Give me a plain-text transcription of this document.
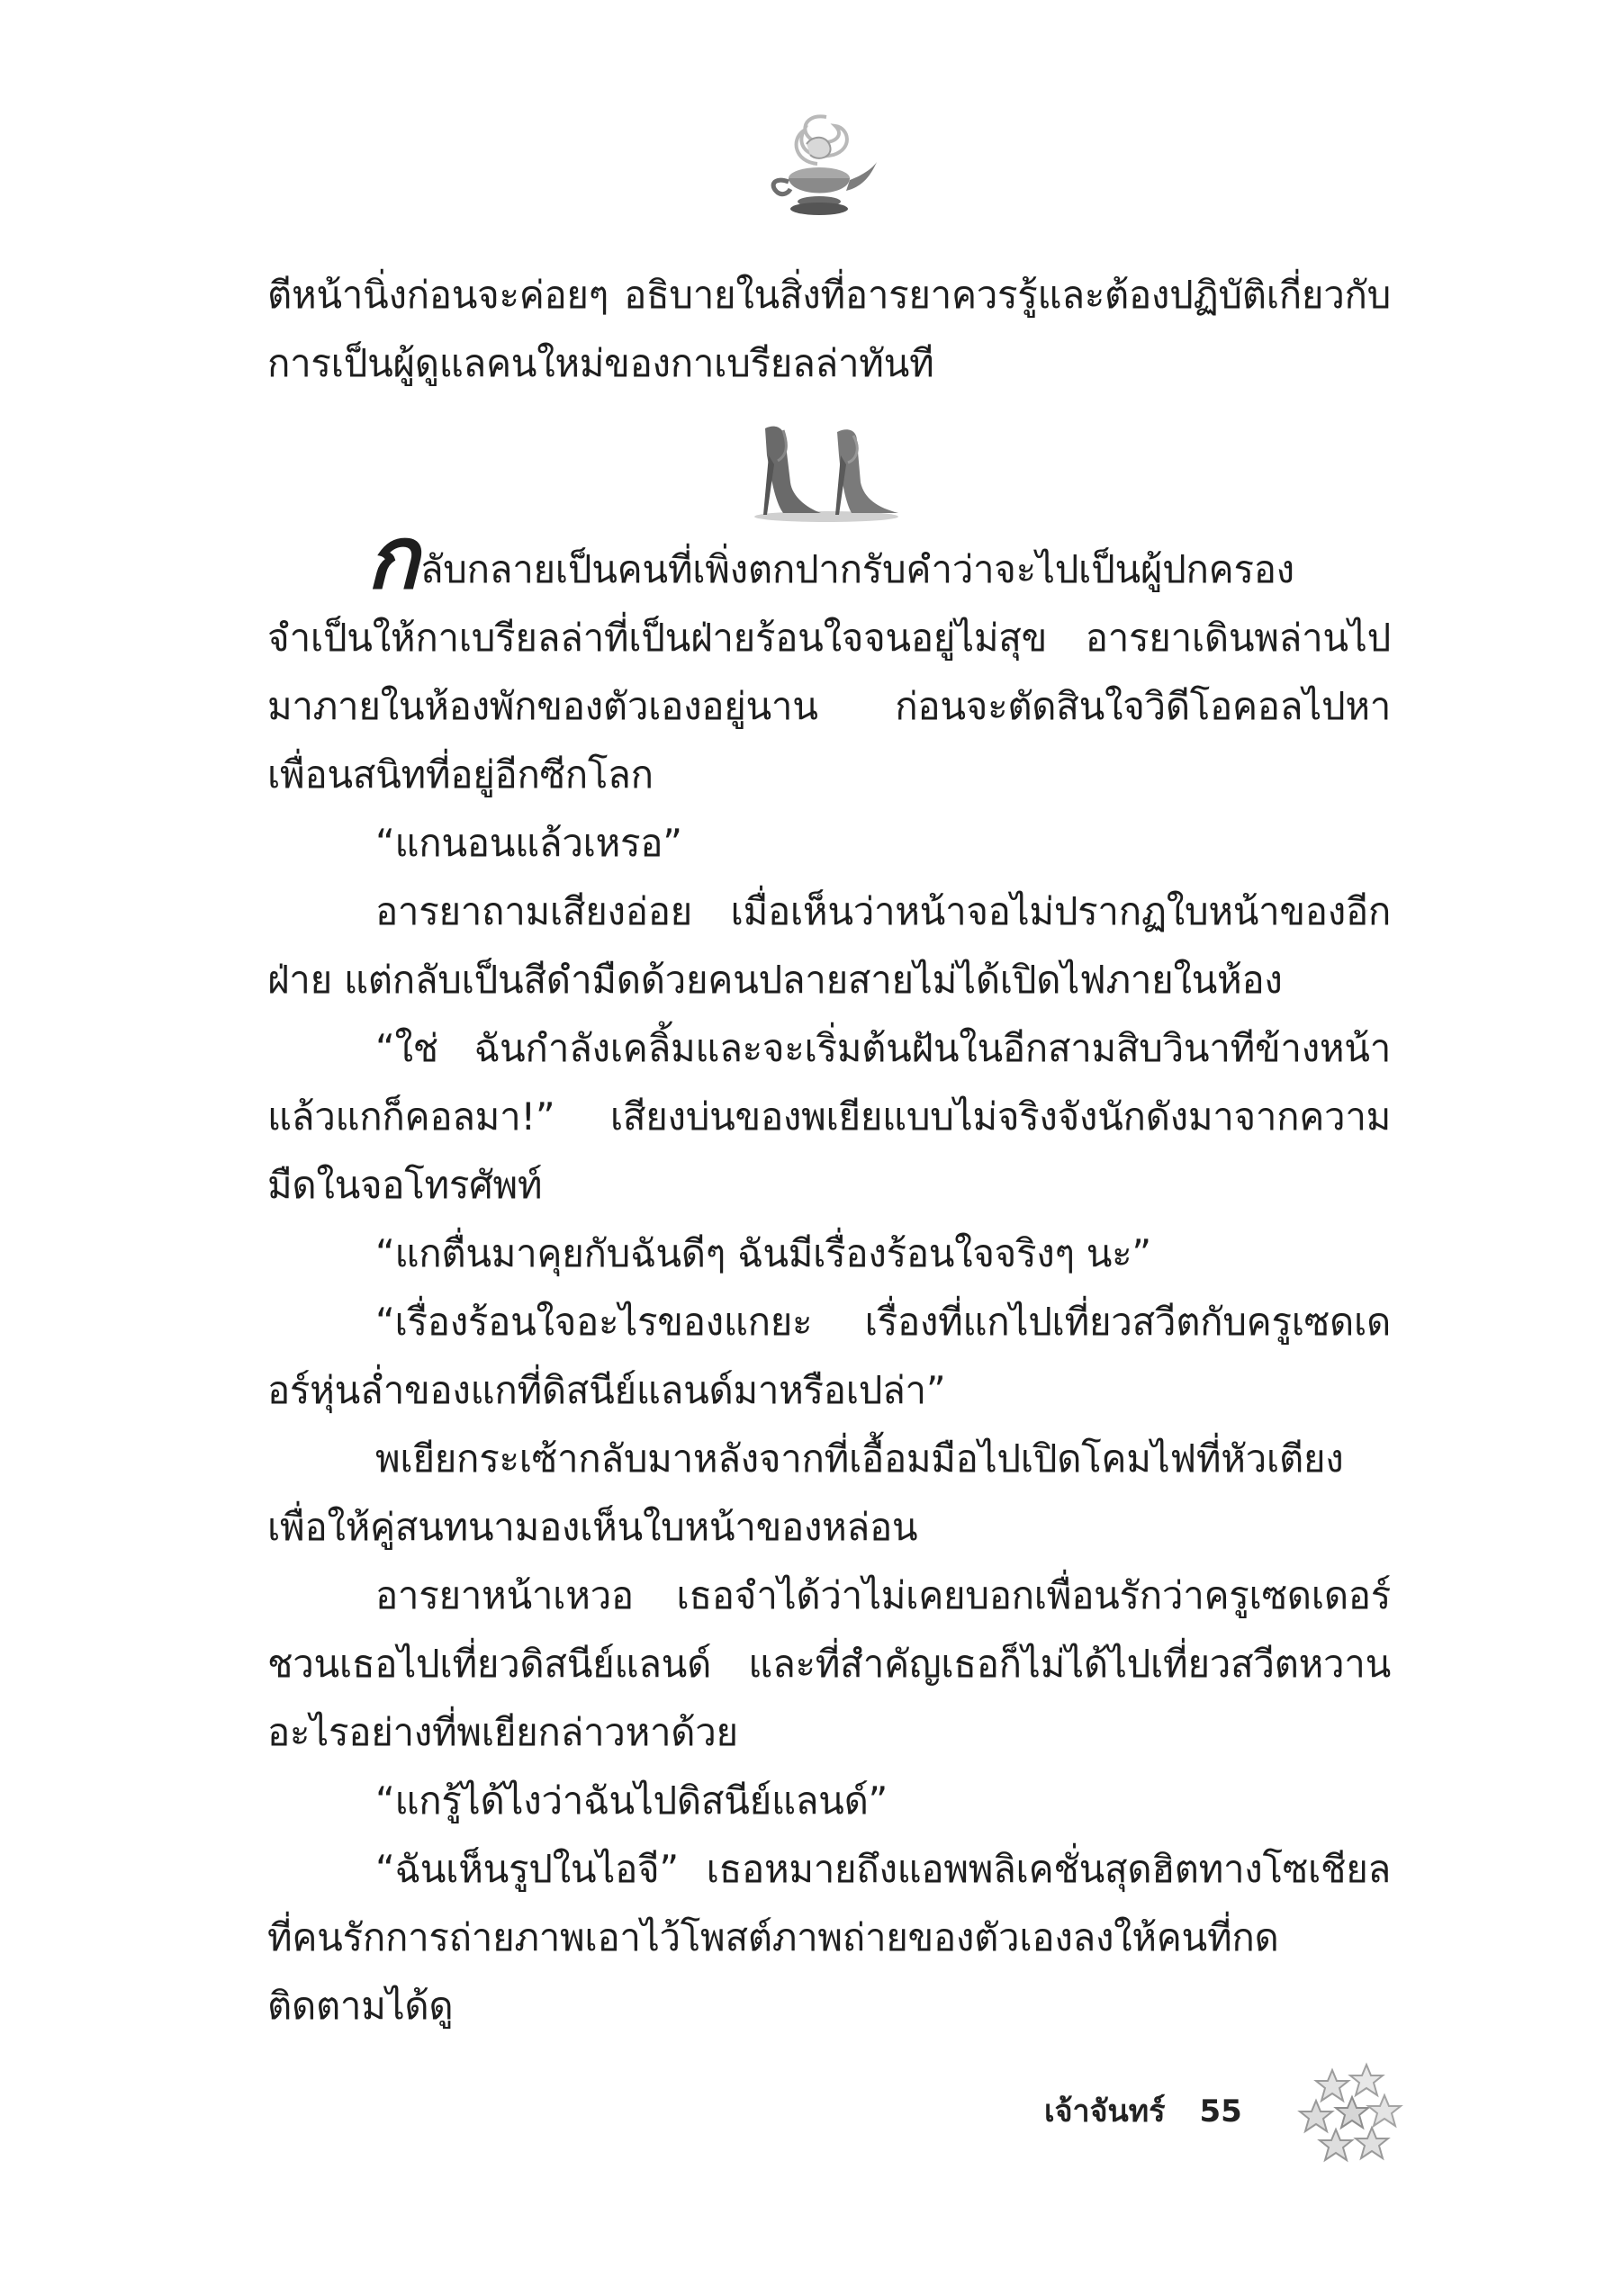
ตีหน้านิ่งก่อนจะค่อยๆ อธิบายในสิ่งที่อารยาควรรู้และต้องปฏิบัติเกี่ยวกับการเป็นผู้ดูแลคนใหม่ของกาเบรียลล่าทันที

กลับกลายเป็นคนที่เพิ่งตกปากรับคำว่าจะไปเป็นผู้ปกครองจำเป็นให้กาเบรียลล่าที่เป็นฝ่ายร้อนใจจนอยู่ไม่สุข อารยาเดินพล่านไปมาภายในห้องพักของตัวเองอยู่นาน ก่อนจะตัดสินใจวิดีโอคอลไปหาเพื่อนสนิทที่อยู่อีกซีกโลก

“แกนอนแล้วเหรอ”

อารยาถามเสียงอ่อย เมื่อเห็นว่าหน้าจอไม่ปรากฏใบหน้าของอีกฝ่าย แต่กลับเป็นสีดำมืดด้วยคนปลายสายไม่ได้เปิดไฟภายในห้อง

“ใช่ ฉันกำลังเคลิ้มและจะเริ่มต้นฝันในอีกสามสิบวินาทีข้างหน้า แล้วแกก็คอลมา!” เสียงบ่นของพเยียแบบไม่จริงจังนักดังมาจากความมืดในจอโทรศัพท์

“แกตื่นมาคุยกับฉันดีๆ ฉันมีเรื่องร้อนใจจริงๆ นะ”

“เรื่องร้อนใจอะไรของแกยะ เรื่องที่แกไปเที่ยวสวีตกับครูเซดเดอร์หุ่นล่ำของแกที่ดิสนีย์แลนด์มาหรือเปล่า”

พเยียกระเซ้ากลับมาหลังจากที่เอื้อมมือไปเปิดโคมไฟที่หัวเตียงเพื่อให้คู่สนทนามองเห็นใบหน้าของหล่อน

อารยาหน้าเหวอ เธอจำได้ว่าไม่เคยบอกเพื่อนรักว่าครูเซดเดอร์ชวนเธอไปเที่ยวดิสนีย์แลนด์ และที่สำคัญเธอก็ไม่ได้ไปเที่ยวสวีตหวานอะไรอย่างที่พเยียกล่าวหาด้วย

“แกรู้ได้ไงว่าฉันไปดิสนีย์แลนด์”

“ฉันเห็นรูปในไอจี” เธอหมายถึงแอพพลิเคชั่นสุดฮิตทางโซเชียลที่คนรักการถ่ายภาพเอาไว้โพสต์ภาพถ่ายของตัวเองลงให้คนที่กดติดตามได้ดู

เจ้าจันทร์ 55
